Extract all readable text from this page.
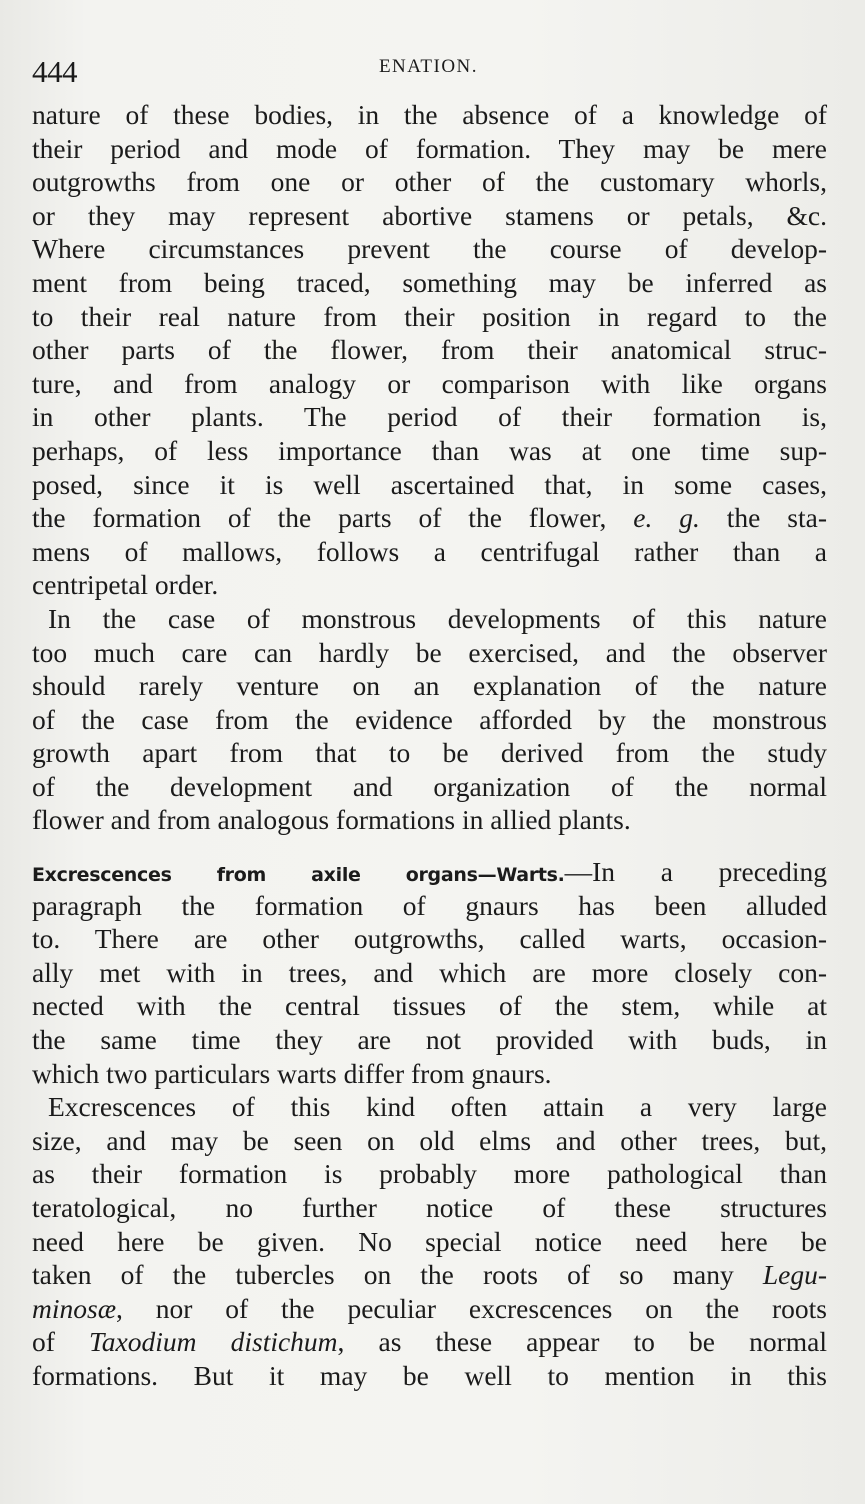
444	ENATION.
nature of these bodies, in the absence of a knowledge of
their period and mode of formation. They may be mere
outgrowths from one or other of the customary whorls,
or they may represent abortive stamens or petals, &c.
Where circumstances prevent the course of develop-
ment from being traced, something may be inferred as
to their real nature from their position in regard to the
other parts of the flower, from their anatomical struc-
ture, and from analogy or comparison with like organs
in other plants. The period of their formation is,
perhaps, of less importance than was at one time sup-
posed, since it is well ascertained that, in some cases,
the formation of the parts of the flower, e. g. the sta-
mens of mallows, follows a centrifugal rather than a
centripetal order.
In the case of monstrous developments of this nature
too much care can hardly be exercised, and the observer
should rarely venture on an explanation of the nature
of the case from the evidence afforded by the monstrous
growth apart from that to be derived from the study
of the development and organization of the normal
flower and from analogous formations in allied plants.
Excrescences from axile organs—Warts.—In a preceding
paragraph the formation of gnaurs has been alluded
to. There are other outgrowths, called warts, occasion-
ally met with in trees, and which are more closely con-
nected with the central tissues of the stem, while at
the same time they are not provided with buds, in
which two particulars warts differ from gnaurs.
Excrescences of this kind often attain a very large
size, and may be seen on old elms and other trees, but,
as their formation is probably more pathological than
teratological, no further notice of these structures
need here be given. No special notice need here be
taken of the tubercles on the roots of so many Legu-
minosæ, nor of the peculiar excrescences on the roots
of Taxodium distichum, as these appear to be normal
formations. But it may be well to mention in this
